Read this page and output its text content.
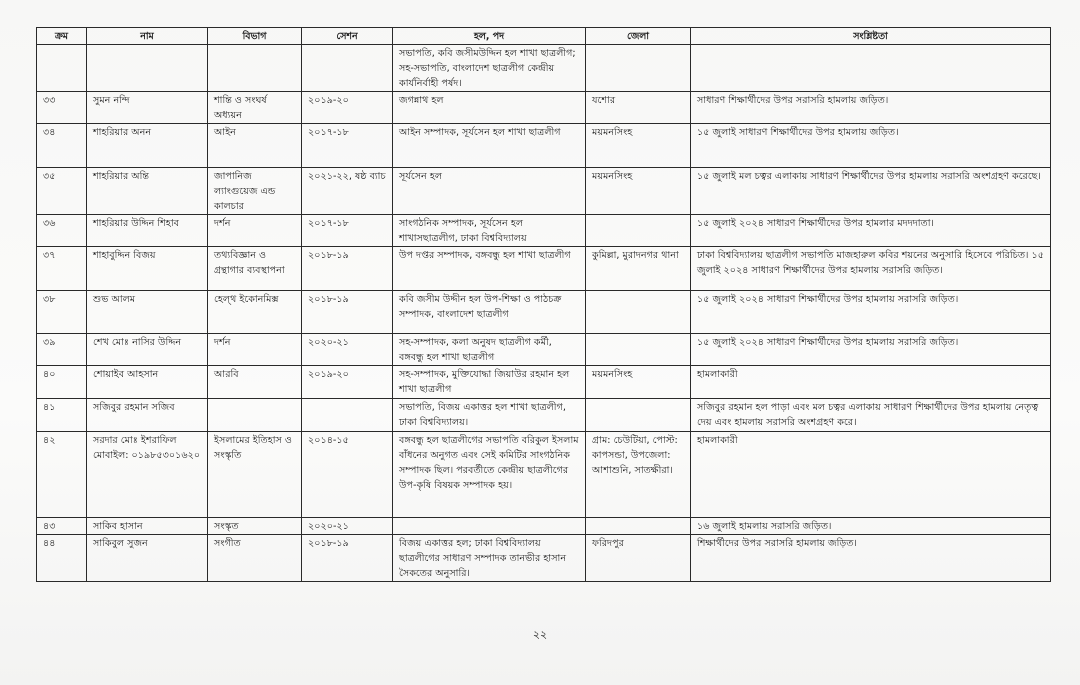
ক্রম	নাম	বিভাগ	সেশন	হল, পদ	জেলা	সংশ্লিষ্টতা
				সভাপতি, কবি জসীমউদ্দিন হল শাখা ছাত্রলীগ; সহ-সভাপতি, বাংলাদেশ ছাত্রলীগ কেন্দ্রীয় কার্যনির্বাহী পর্ষদ।		
৩৩	সুমন নন্দি	শান্তি ও সংঘর্ষ অধ্যয়ন	২০১৯-২০	জগন্নাথ হল	যশোর	সাধারণ শিক্ষার্থীদের উপর সরাসরি হামলায় জড়িত।
৩৪	শাহরিয়ার অনন	আইন	২০১৭-১৮	আইন সম্পাদক, সূর্যসেন হল শাখা ছাত্রলীগ	ময়মনসিংহ	১৫ জুলাই সাধারণ শিক্ষার্থীদের উপর হামলায় জড়িত।
৩৫	শাহরিয়ার অন্তি	জাপানিজ ল্যাংগুয়েজ এন্ড কালচার	২০২১-২২, ষষ্ঠ ব্যাচ	সূর্যসেন হল	ময়মনসিংহ	১৫ জুলাই মল চত্বর এলাকায় সাধারণ শিক্ষার্থীদের উপর হামলায় সরাসরি অংশগ্রহণ করেছে।
৩৬	শাহরিয়ার উদ্দিন শিহাব	দর্শন	২০১৭-১৮	সাংগঠনিক সম্পাদক, সূর্যসেন হল শাখাসছাত্রলীগ, ঢাকা বিশ্ববিদ্যালয়		১৫ জুলাই ২০২৪ সাধারণ শিক্ষার্থীদের উপর হামলার মদদদাতা।
৩৭	শাহাবুদ্দিন বিজয়	তথ্যবিজ্ঞান ও গ্রন্থাগার ব্যবস্থাপনা	২০১৮-১৯	উপ দপ্তর সম্পাদক, বঙ্গবন্ধু হল শাখা ছাত্রলীগ	কুমিল্লা, মুরাদনগর থানা	ঢাকা বিশ্ববিদ্যালয় ছাত্রলীগ সভাপতি মাজহারুল কবির শয়নের অনুসারি হিসেবে পরিচিত। ১৫ জুলাই ২০২৪ সাধারণ শিক্ষার্থীদের উপর হামলায় সরাসরি জড়িত।
৩৮	শুভ আলম	হেল্থ ইকোনমিক্স	২০১৮-১৯	কবি জসীম উদ্দীন হল উপ-শিক্ষা ও পাঠচক্র সম্পাদক, বাংলাদেশ ছাত্রলীগ		১৫ জুলাই ২০২৪ সাধারণ শিক্ষার্থীদের উপর হামলায় সরাসরি জড়িত।
৩৯	শেখ মোঃ নাসির উদ্দিন	দর্শন	২০২০-২১	সহ-সম্পাদক, কলা অনুষদ ছাত্রলীগ কর্মী, বঙ্গবন্ধু হল শাখা ছাত্রলীগ		১৫ জুলাই ২০২৪ সাধারণ শিক্ষার্থীদের উপর হামলায় সরাসরি জড়িত।
৪০	শোয়াইব আহসান	আরবি	২০১৯-২০	সহ-সম্পাদক, মুক্তিযোদ্ধা জিয়াউর রহমান হল শাখা ছাত্রলীগ	ময়মনসিংহ	হামলাকারী
৪১	সজিবুর রহমান সজিব			সভাপতি, বিজয় একাত্তর হল শাখা ছাত্রলীগ, ঢাকা বিশ্ববিদ্যালয়।		সজিবুর রহমান হল পাড়া এবং মল চত্বর এলাকায় সাধারণ শিক্ষার্থীদের উপর হামলায় নেতৃত্ব দেয় এবং হামলায় সরাসরি অংশগ্রহণ করে।
৪২	সরদার মোঃ ইশরাফিল মোবাইল: ০১৯৮৫৩০১৬২০	ইসলামের ইতিহাস ও সংস্কৃতি	২০১৪-১৫	বঙ্গবন্ধু হল ছাত্রলীগের সভাপতি বরিকুল ইসলাম বাঁধনের অনুগত এবং সেই কমিটির সাংগঠনিক সম্পাদক ছিল। পরবর্তীতে কেন্দ্রীয় ছাত্রলীগের উপ-কৃষি বিষয়ক সম্পাদক হয়।	গ্রাম: চেউটিয়া, পোস্ট: কাপসন্ডা, উপজেলা: আশাশুনি, সাতক্ষীরা।	হামলাকারী
৪৩	সাকিব হাসান	সংস্কৃত	২০২০-২১			১৬ জুলাই হামলায় সরাসরি জড়িত।
৪৪	সাকিবুল সুজন	সংগীত	২০১৮-১৯	বিজয় একাত্তর হল; ঢাকা বিশ্ববিদ্যালয় ছাত্রলীগের সাধারণ সম্পাদক তানভীর হাসান সৈকতের অনুসারি।	ফরিদপুর	শিক্ষার্থীদের উপর সরাসরি হামলায় জড়িত।
২২
